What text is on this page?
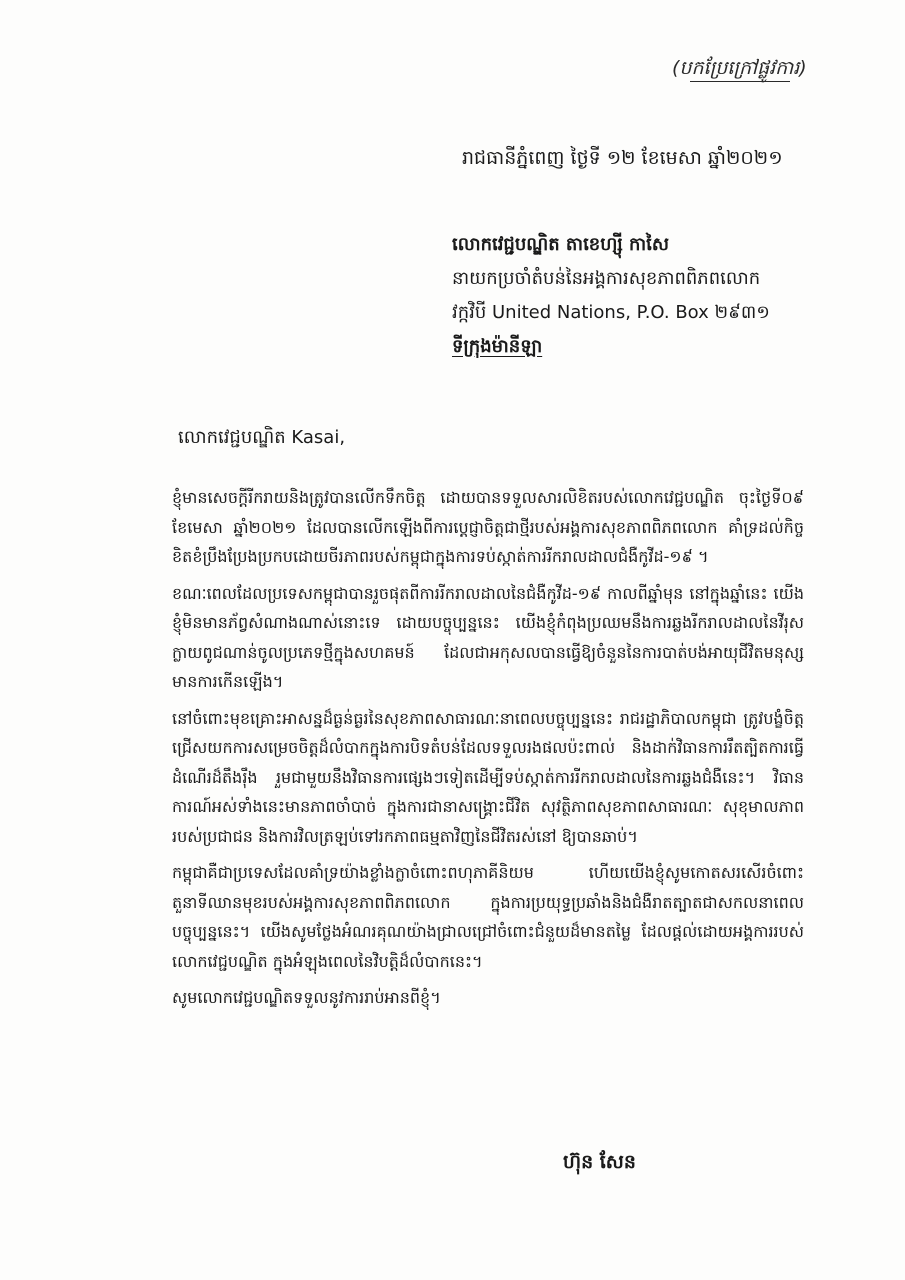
(បកប្រែក្រៅផ្លូវការ)
រាជធានីភ្នំពេញ ថ្ងៃទី ១២ ខែមេសា ឆ្នាំ២០២១
លោកវេជ្ជបណ្ឌិត តាខេហ្ស៊ី កាសៃ
នាយកប្រចាំតំបន់នៃអង្គការសុខភាពពិភពលោក
វក្កវិបី United Nations, P.O. Box ២៩៣១
ទីក្រុងម៉ានីឡា
លោកវេជ្ជបណ្ឌិត Kasai,

ខ្ញុំមានសេចក្ដីរីករាយនិងត្រូវបានលើកទឹកចិត្ត ដោយបានទទួលសារលិខិតរបស់លោកវេជ្ជបណ្ឌិត ចុះថ្ងៃទី០៩ ខែមេសា ឆ្នាំ២០២១ ដែលបានលើកឡើងពីការប្ដេជ្ញាចិត្តជាថ្មីរបស់អង្គការសុខភាពពិភពលោក គាំទ្រដល់កិច្ចខិតខំប្រឹងប្រែងប្រកបដោយចីរភាពរបស់កម្ពុជាក្នុងការទប់ស្កាត់ការរីករាលដាលជំងឺកូវីដ-១៩ ។

ខណៈពេលដែលប្រទេសកម្ពុជាបានរួចផុតពីការរីករាលដាលនៃជំងឺកូវីដ-១៩ កាលពីឆ្នាំមុន នៅក្នុងឆ្នាំនេះ យើងខ្ញុំមិនមានភ័ព្វសំណាងណាស់នោះទេ ដោយបច្ចុប្បន្ននេះ យើងខ្ញុំកំពុងប្រឈមនឹងការឆ្លងរីករាលដាលនៃវីរុសក្លាយពូជណាន់ចូលប្រភេទថ្មីក្នុងសហគមន៍ ដែលជាអកុសលបានធ្វើឱ្យចំនួននៃការបាត់បង់អាយុជីវិតមនុស្សមានការកើនឡើង។

នៅចំពោះមុខគ្រោះអាសន្នដ៏ធ្ងន់ធ្ងរនៃសុខភាពសាធារណៈនាពេលបច្ចុប្បន្ននេះ រាជរដ្ឋាភិបាលកម្ពុជា ត្រូវបង្ខំចិត្តជ្រើសយកការសម្រេចចិត្តដ៏លំបាកក្នុងការបិទតំបន់ដែលទទួលរងផលប៉ះពាល់ និងដាក់វិធានការរឹតត្បិតការធ្វើដំណើរដ៏តឹងរ៉ឹង រួមជាមួយនឹងវិធានការផ្សេងៗទៀតដើម្បីទប់ស្កាត់ការរីករាលដាលនៃការឆ្លងជំងឺនេះ។ វិធានការណ៍អស់ទាំងនេះមានភាពចាំបាច់ ក្នុងការជានាសង្គ្រោះជីវិត សុវត្ថិភាពសុខភាពសាធារណៈ សុខុមាលភាពរបស់ប្រជាជន និងការវិលត្រឡប់ទៅរកភាពធម្មតាវិញនៃជីវិតរស់នៅ ឱ្យបានឆាប់។

កម្ពុជាគឺជាប្រទេសដែលគាំទ្រយ៉ាងខ្លាំងក្លាចំពោះពហុភាគីនិយម ហើយយើងខ្ញុំសូមកោតសរសើរចំពោះតួនាទីឈានមុខរបស់អង្គការសុខភាពពិភពលោក ក្នុងការប្រយុទ្ធប្រឆាំងនិងជំងឺរាតត្បាតជាសកលនាពេលបច្ចុប្បន្ននេះ។ យើងសូមថ្លែងអំណរគុណយ៉ាងជ្រាលជ្រៅចំពោះជំនួយដ៏មានតម្លៃ ដែលផ្ដល់ដោយអង្គការរបស់លោកវេជ្ជបណ្ឌិត ក្នុងអំឡុងពេលនៃវិបត្តិដ៏លំបាកនេះ។

សូមលោកវេជ្ជបណ្ឌិតទទួលនូវការរាប់អានពីខ្ញុំ។

ហ៊ុន សែន
